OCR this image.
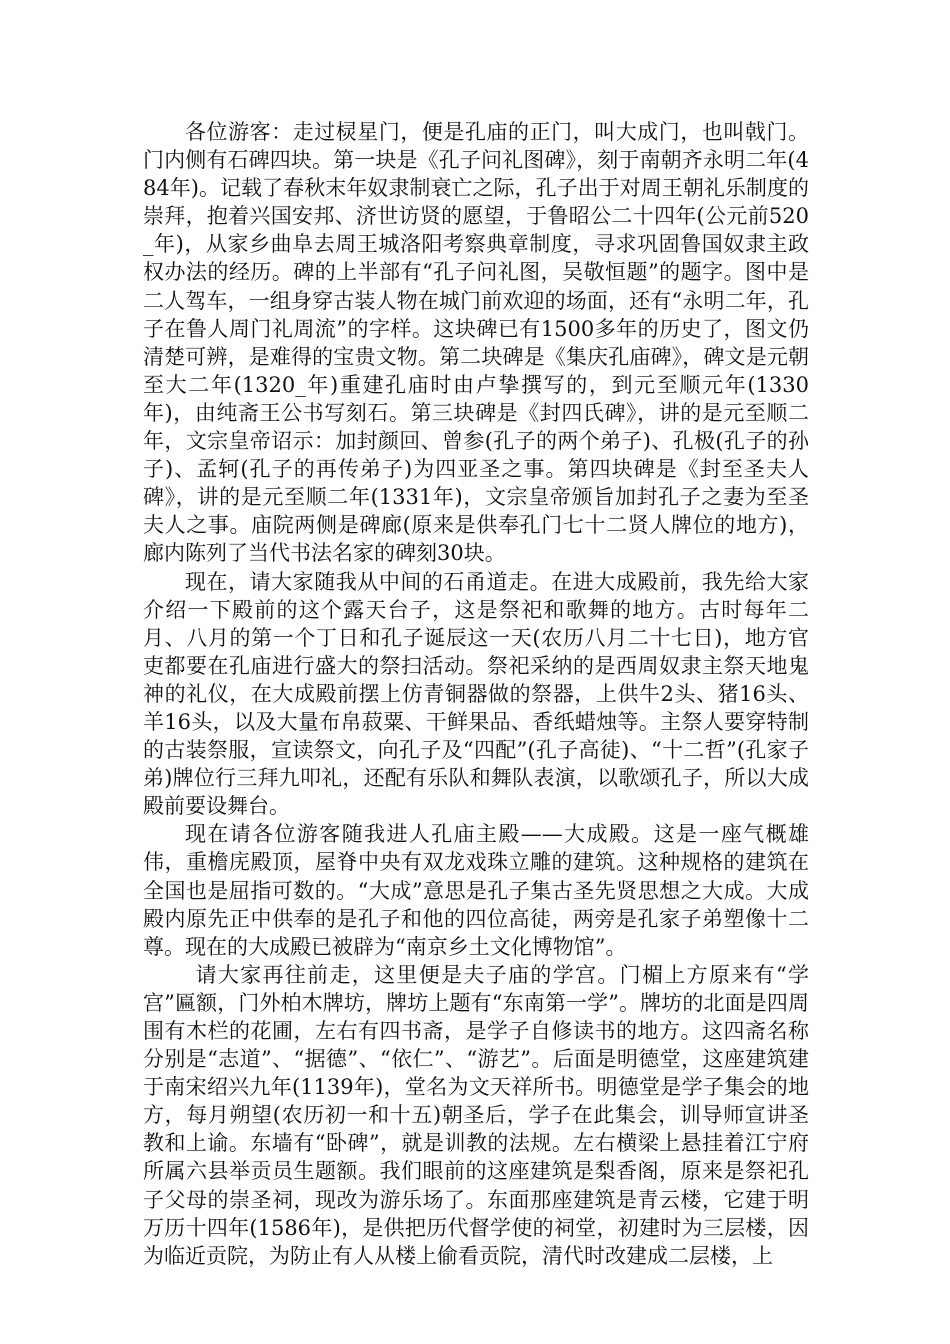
各位游客：走过棂星门，便是孔庙的正门，叫大成门，也叫戟门。门内侧有石碑四块。第一块是《孔子问礼图碑》，刻于南朝齐永明二年(484年)。记载了春秋末年奴隶制衰亡之际，孔子出于对周王朝礼乐制度的崇拜，抱着兴国安邦、济世访贤的愿望，于鲁昭公二十四年(公元前520_年)，从家乡曲阜去周王城洛阳考察典章制度，寻求巩固鲁国奴隶主政权办法的经历。碑的上半部有“孔子问礼图，吴敬恒题”的题字。图中是二人驾车，一组身穿古装人物在城门前欢迎的场面，还有“永明二年，孔子在鲁人周门礼周流”的字样。这块碑已有1500多年的历史了，图文仍清楚可辨，是难得的宝贵文物。第二块碑是《集庆孔庙碑》，碑文是元朝至大二年(1320_年)重建孔庙时由卢挚撰写的，到元至顺元年(1330年)，由纯斋王公书写刻石。第三块碑是《封四氏碑》，讲的是元至顺二年，文宗皇帝诏示：加封颜回、曾参(孔子的两个弟子)、孔极(孔子的孙子)、孟轲(孔子的再传弟子)为四亚圣之事。第四块碑是《封至圣夫人碑》，讲的是元至顺二年(1331年)，文宗皇帝颁旨加封孔子之妻为至圣夫人之事。庙院两侧是碑廊(原来是供奉孔门七十二贤人牌位的地方)，廊内陈列了当代书法名家的碑刻30块。

现在，请大家随我从中间的石甬道走。在进大成殿前，我先给大家介绍一下殿前的这个露天台子，这是祭祀和歌舞的地方。古时每年二月、八月的第一个丁日和孔子诞辰这一天(农历八月二十七日)，地方官吏都要在孔庙进行盛大的祭扫活动。祭祀采纳的是西周奴隶主祭天地鬼神的礼仪，在大成殿前摆上仿青铜器做的祭器，上供牛2头、猪16头、羊16头，以及大量布帛菽粟、干鲜果品、香纸蜡烛等。主祭人要穿特制的古装祭服，宣读祭文，向孔子及“四配”(孔子高徒)、“十二哲”(孔家子弟)牌位行三拜九叩礼，还配有乐队和舞队表演，以歌颂孔子，所以大成殿前要设舞台。

现在请各位游客随我进人孔庙主殿——大成殿。这是一座气概雄伟，重檐庑殿顶，屋脊中央有双龙戏珠立雕的建筑。这种规格的建筑在全国也是屈指可数的。“大成”意思是孔子集古圣先贤思想之大成。大成殿内原先正中供奉的是孔子和他的四位高徒，两旁是孔家子弟塑像十二尊。现在的大成殿已被辟为“南京乡土文化博物馆”。

请大家再往前走，这里便是夫子庙的学宫。门楣上方原来有“学宫”匾额，门外柏木牌坊，牌坊上题有“东南第一学”。牌坊的北面是四周围有木栏的花圃，左右有四书斋，是学子自修读书的地方。这四斋名称分别是“志道”、“据德”、“依仁”、“游艺”。后面是明德堂，这座建筑建于南宋绍兴九年(1139年)，堂名为文天祥所书。明德堂是学子集会的地方，每月朔望(农历初一和十五)朝圣后，学子在此集会，训导师宣讲圣教和上谕。东墙有“卧碑”，就是训教的法规。左右横梁上悬挂着江宁府所属六县举贡员生题额。我们眼前的这座建筑是梨香阁，原来是祭祀孔子父母的崇圣祠，现改为游乐场了。东面那座建筑是青云楼，它建于明万历十四年(1586年)，是供把历代督学使的祠堂，初建时为三层楼，因为临近贡院，为防止有人从楼上偷看贡院，清代时改建成二层楼，上
